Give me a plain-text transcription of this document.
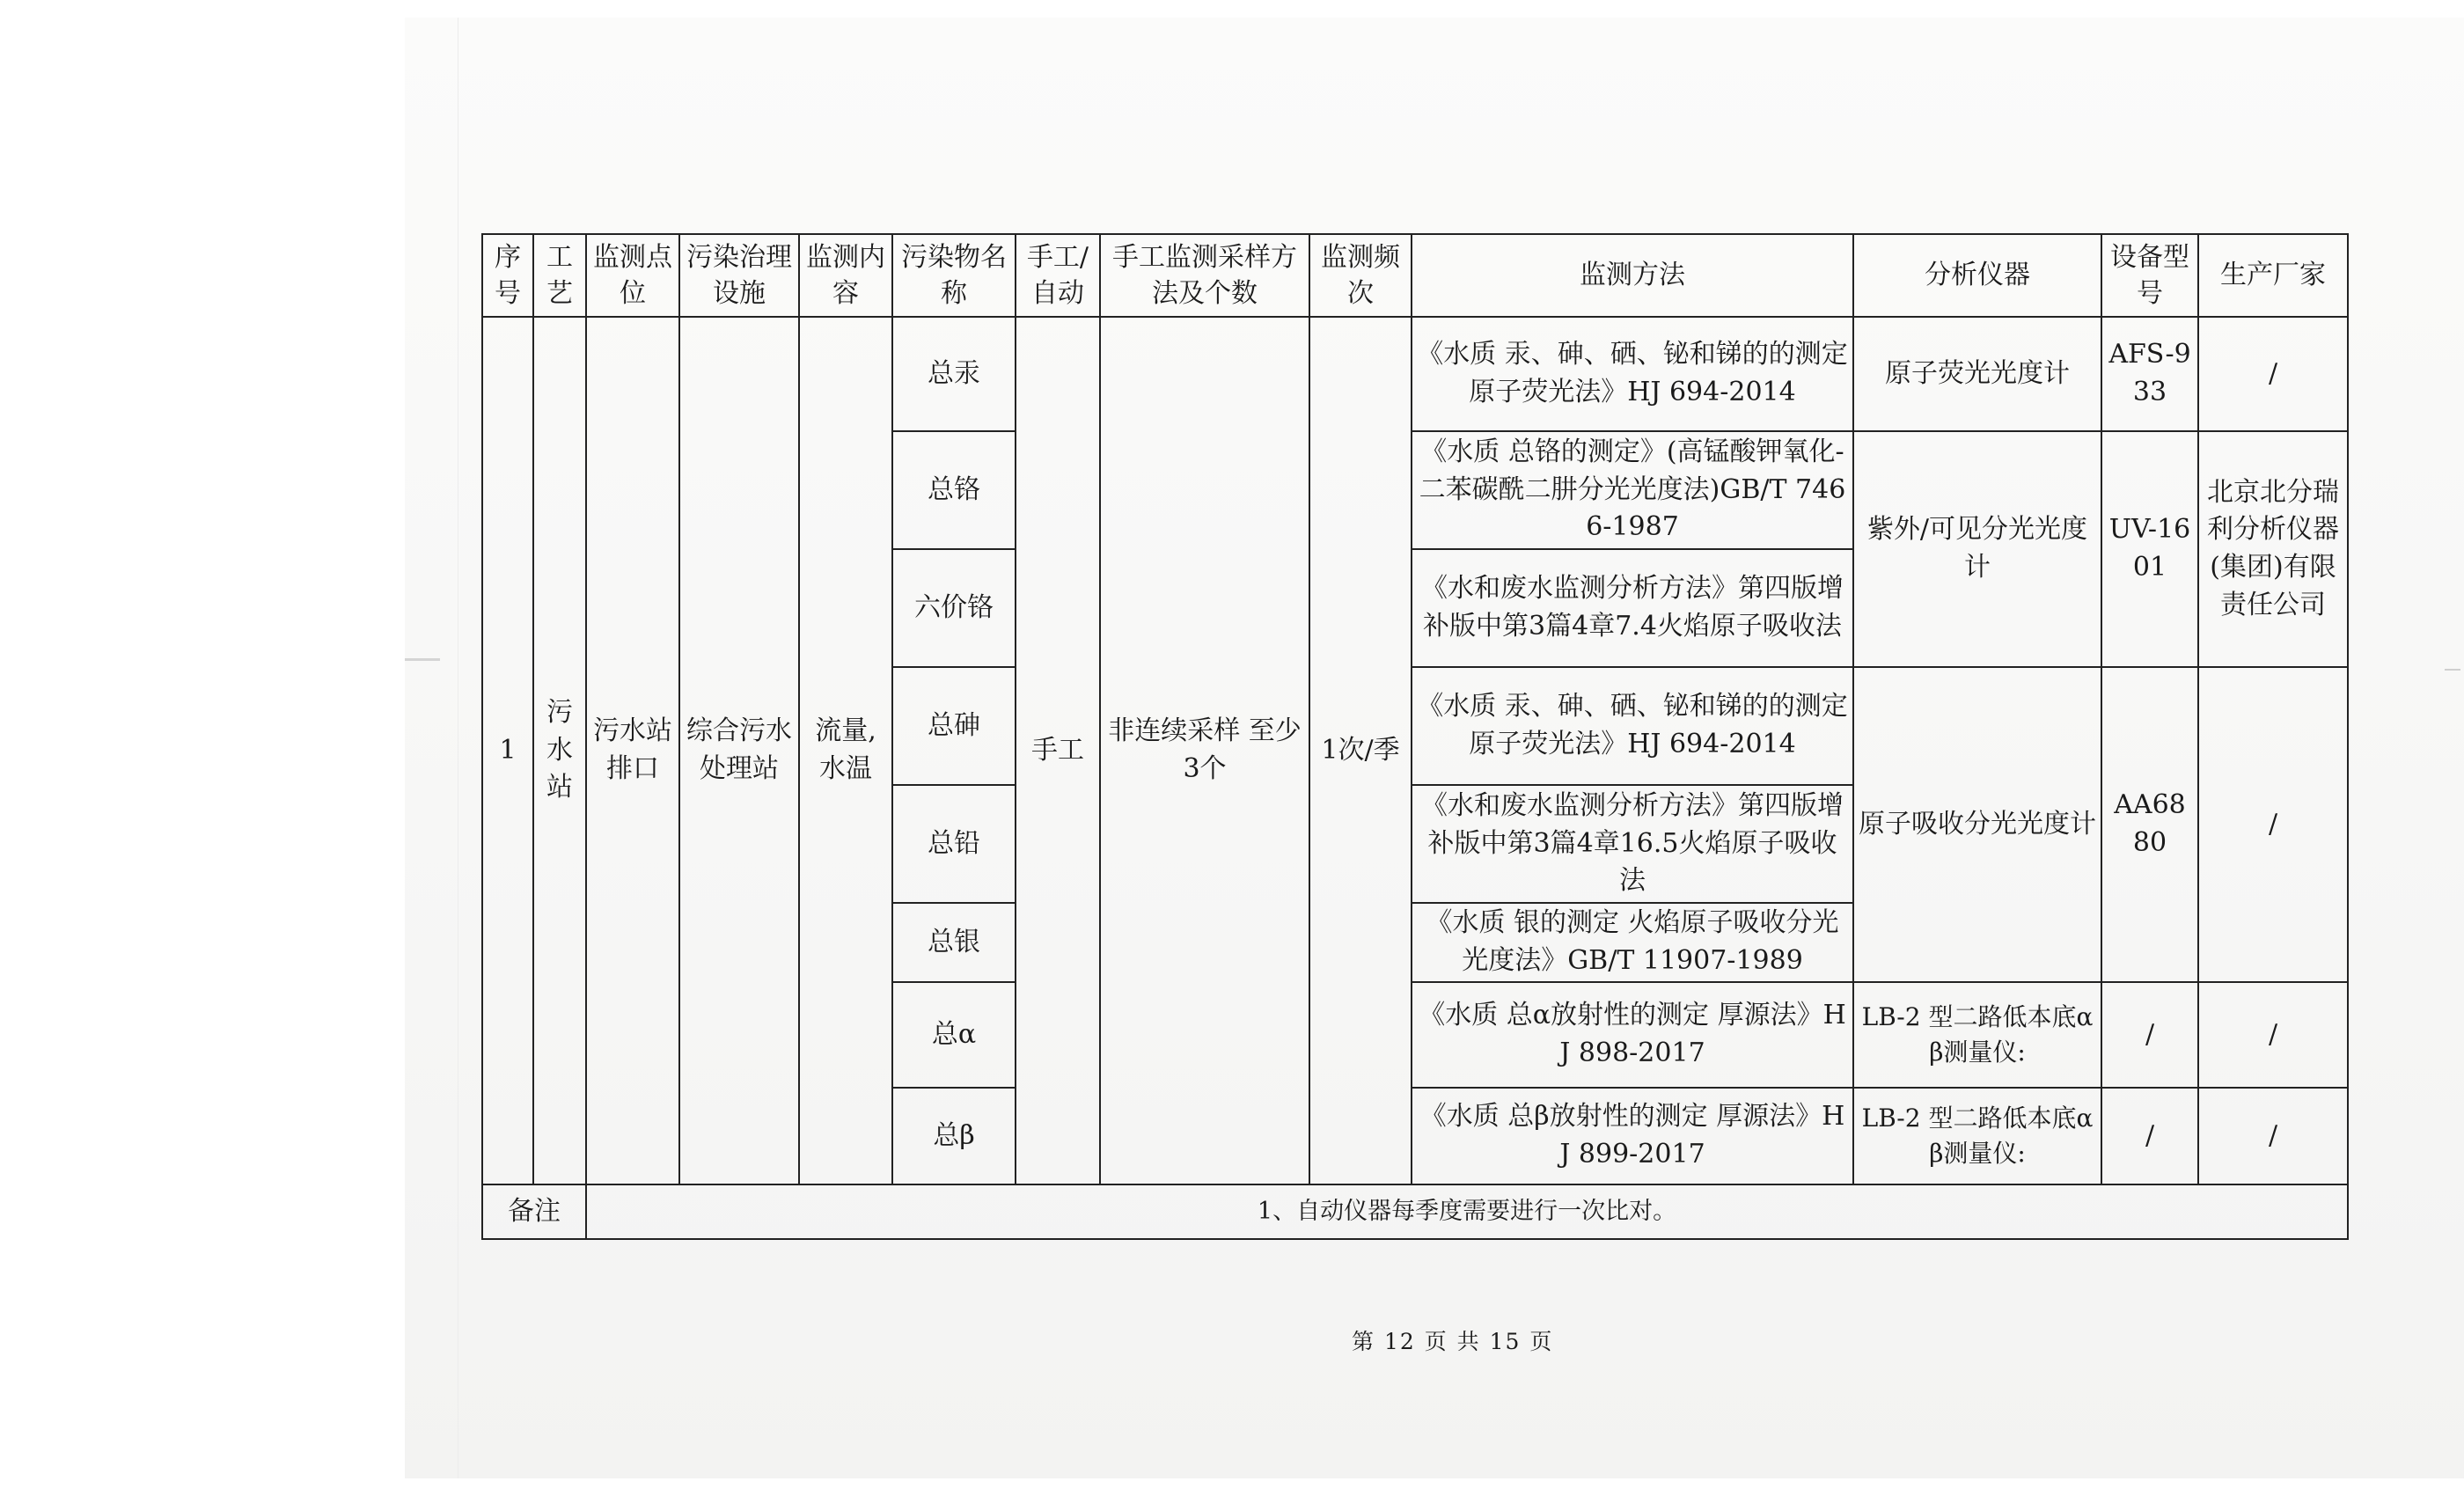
序号	工艺	监测点位	污染治理设施	监测内容	污染物名称	手工/自动	手工监测采样方法及个数	监测频次	监测方法	分析仪器	设备型号	生产厂家
1	污水站	污水站排口	综合污水处理站	流量,水温	总汞	手工	非连续采样 至少3个	1次/季	《水质 汞、砷、硒、铋和锑的的测定 原子荧光法》HJ 694-2014	原子荧光光度计	AFS-933	/
					总铬				《水质 总铬的测定》(高锰酸钾氧化- 二苯碳酰二肼分光光度法)GB/T 7466-1987	紫外/可见分光光度计	UV-1601	北京北分瑞利分析仪器(集团)有限责任公司
					六价铬				《水和废水监测分析方法》第四版增补版中第3篇4章7.4火焰原子吸收法			
					总砷				《水质 汞、砷、硒、铋和锑的的测定 原子荧光法》HJ 694-2014	原子吸收分光光度计	AA6880	/
					总铅				《水和废水监测分析方法》第四版增补版中第3篇4章16.5火焰原子吸收法			
					总银				《水质 银的测定 火焰原子吸收分光光度法》GB/T 11907-1989			
					总α				《水质 总α放射性的测定 厚源法》HJ 898-2017	LB-2 型二路低本底α β测量仪:	/	/
					总β				《水质 总β放射性的测定 厚源法》HJ 899-2017	LB-2 型二路低本底α β测量仪:	/	/
备注		1、自动仪器每季度需要进行一次比对。										
第 12 页 共 15 页
